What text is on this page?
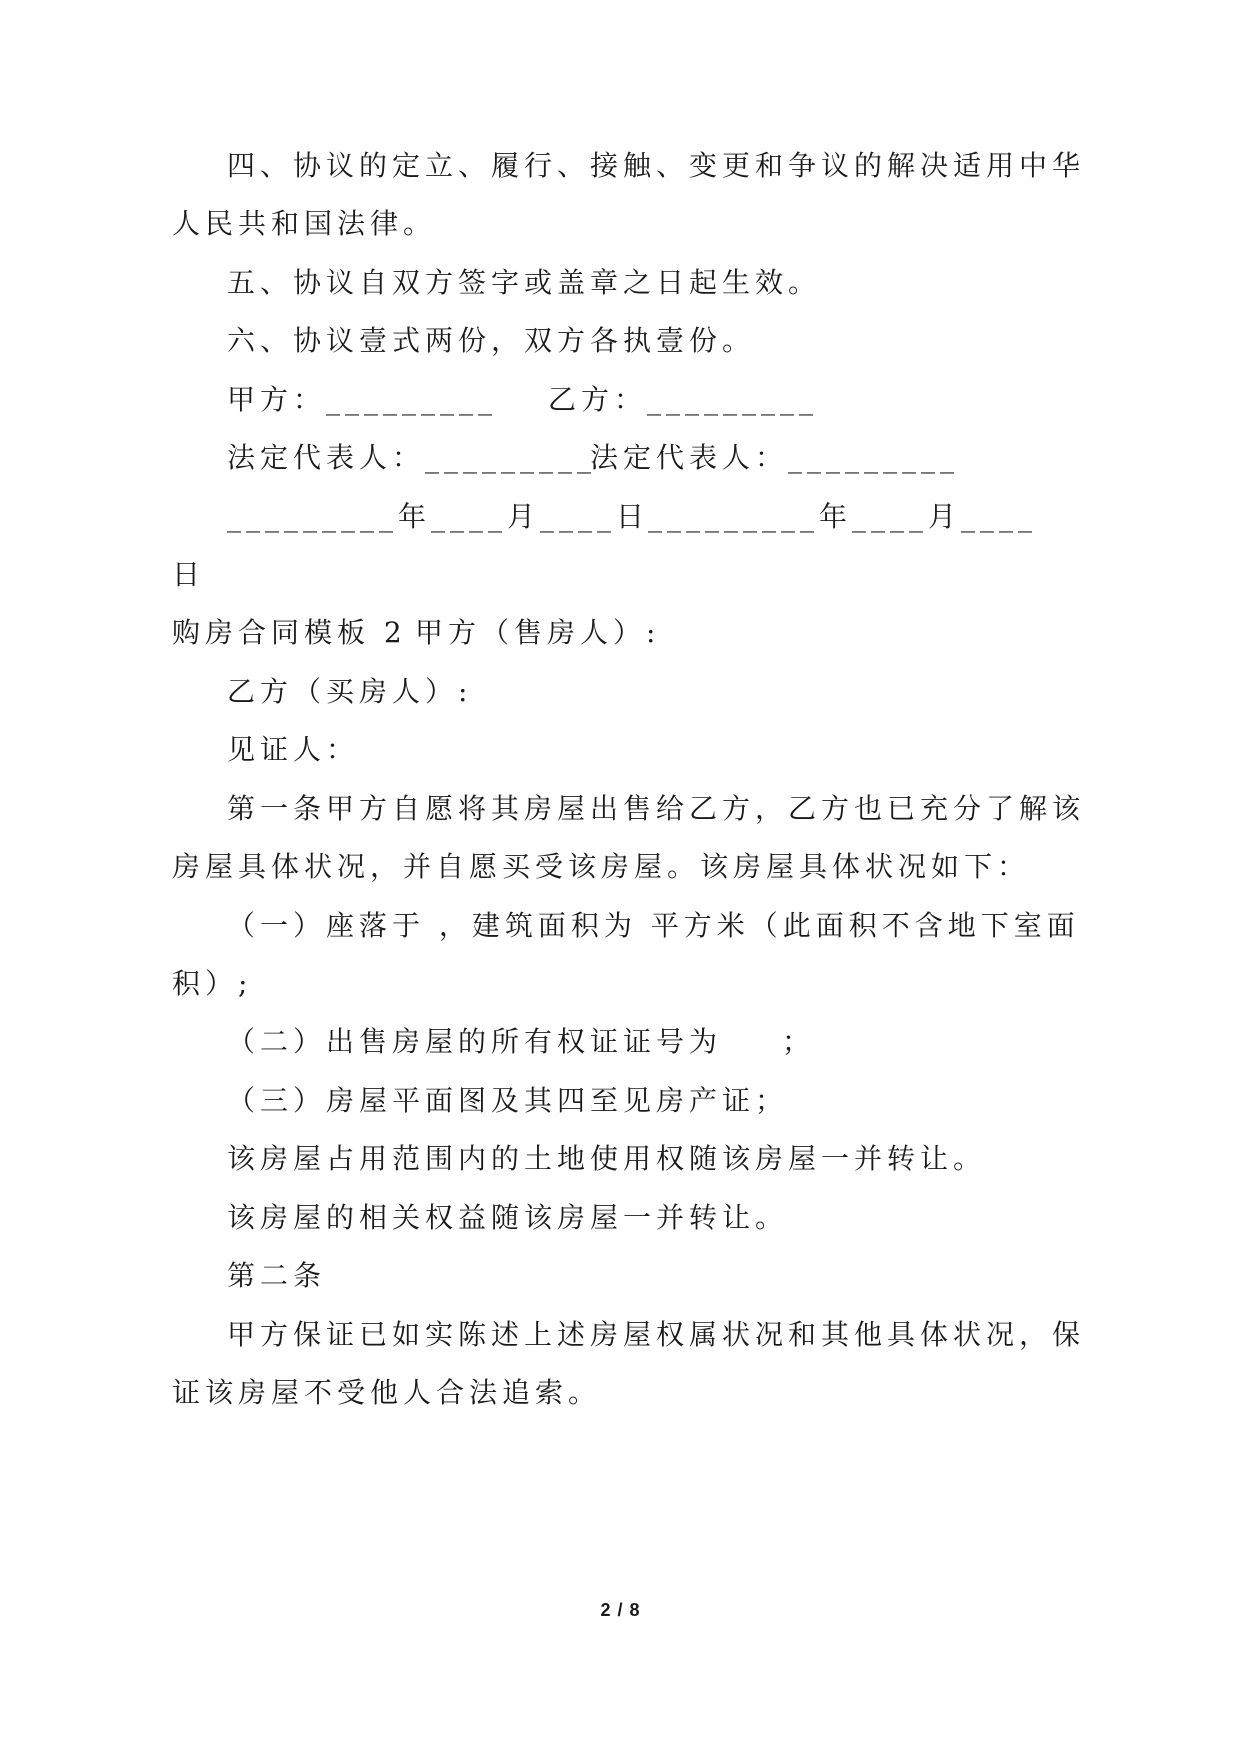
四、协议的定立、履行、接触、变更和争议的解决适用中华
人民共和国法律。
五、协议自双方签字或盖章之日起生效。
六、协议壹式两份，双方各执壹份。
甲方：_________ 乙方：_________
法定代表人：_________
法定代表人：_________
_________年____月____日
_________年____月____
日
购房合同模板 2 甲方（售房人）:
乙方（买房人）:
见证人：
第一条甲方自愿将其房屋出售给乙方，乙方也已充分了解该
房屋具体状况，并自愿买受该房屋。该房屋具体状况如下：
（一）座落于 ，建筑面积为 平方米（此面积不含地下室面
积）;
（二）出售房屋的所有权证证号为 ；
（三）房屋平面图及其四至见房产证；
该房屋占用范围内的土地使用权随该房屋一并转让。
该房屋的相关权益随该房屋一并转让。
第二条
甲方保证已如实陈述上述房屋权属状况和其他具体状况，保
证该房屋不受他人合法追索。
2 / 8
